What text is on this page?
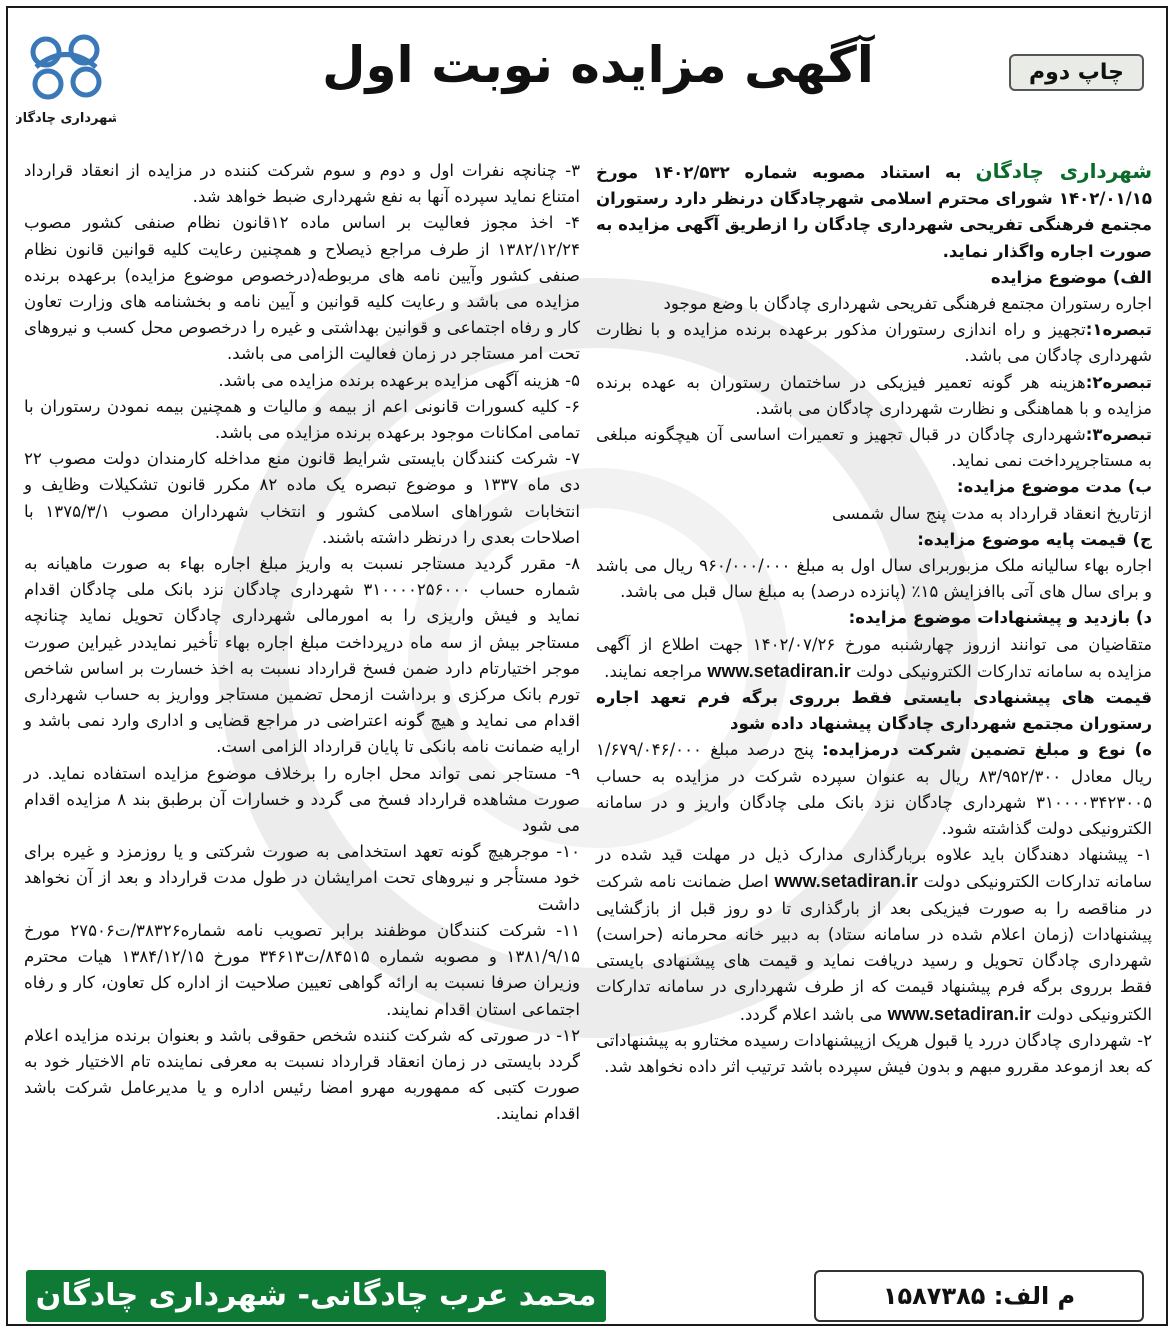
شهرداری چادگان
آگهی مزایده نوبت اول	چاپ دوم

شهرداری چادگان به استناد مصوبه شماره ۱۴۰۲/۵۳۲ مورخ ۱۴۰۲/۰۱/۱۵ شورای محترم اسلامی شهرچادگان درنظر دارد رستوران مجتمع فرهنگی تفریحی شهرداری چادگان را ازطریق آگهی مزایده به صورت اجاره واگذار نماید.

الف) موضوع مزایده

اجاره رستوران مجتمع فرهنگی تفریحی شهرداری چادگان با وضع موجود

تبصره۱:تجهیز و راه اندازی رستوران مذکور برعهده برنده مزایده و با نظارت شهرداری چادگان می باشد.

تبصره۲:هزینه هر گونه تعمیر فیزیکی در ساختمان رستوران به عهده برنده مزایده و با هماهنگی و نظارت شهرداری چادگان می باشد.

تبصره۳:شهرداری چادگان در قبال تجهیز و تعمیرات اساسی آن هیچگونه مبلغی به مستاجرپرداخت نمی نماید.

ب) مدت موضوع مزایده:

ازتاریخ انعقاد قرارداد به مدت پنج سال شمسی

ج) قیمت پایه موضوع مزایده:

اجاره بهاء سالیانه ملک مزبوربرای سال اول به مبلغ ۹۶۰/۰۰۰/۰۰۰ ریال می باشد و برای سال های آتی باافزایش ۱۵٪ (پانزده درصد) به مبلغ سال قبل می باشد.

د) بازدید و پیشنهادات موضوع مزایده:

متقاضیان می توانند ازروز چهارشنبه مورخ ۱۴۰۲/۰۷/۲۶ جهت اطلاع از آگهی مزایده به سامانه تدارکات الکترونیکی دولت www.setadiran.ir مراجعه نمایند.

قیمت های پیشنهادی بایستی فقط برروی برگه فرم تعهد اجاره رستوران مجتمع شهرداری چادگان پیشنهاد داده شود

ه) نوع و مبلغ تضمین شرکت درمزایده: پنج درصد مبلغ ۱/۶۷۹/۰۴۶/۰۰۰ ریال معادل ۸۳/۹۵۲/۳۰۰ ریال به عنوان سپرده شرکت در مزایده به حساب ۳۱۰۰۰۰۳۴۲۳۰۰۵ شهرداری چادگان نزد بانک ملی چادگان واریز و در سامانه الکترونیکی دولت گذاشته شود.

۱- پیشنهاد دهندگان باید علاوه بربارگذاری مدارک ذیل در مهلت قید شده در سامانه تدارکات الکترونیکی دولت www.setadiran.ir اصل ضمانت نامه شرکت در مناقصه را به صورت فیزیکی بعد از بارگذاری تا دو روز قبل از بازگشایی پیشنهادات (زمان اعلام شده در سامانه ستاد) به دبیر خانه محرمانه (حراست) شهرداری چادگان تحویل و رسید دریافت نماید و قیمت های پیشنهادی بایستی فقط برروی برگه فرم پیشنهاد قیمت که از طرف شهرداری در سامانه تدارکات الکترونیکی دولت www.setadiran.ir می باشد اعلام گردد.

۲- شهرداری چادگان دررد یا قبول هریک ازپیشنهادات رسیده مختارو به پیشنهاداتی که بعد ازموعد مقررو مبهم و بدون فیش سپرده باشد ترتیب اثر داده نخواهد شد.

۳- چنانچه نفرات اول و دوم و سوم شرکت کننده در مزایده از انعقاد قرارداد امتناع نماید سپرده آنها به نفع شهرداری ضبط خواهد شد.

۴- اخذ مجوز فعالیت بر اساس ماده ۱۲قانون نظام صنفی کشور مصوب ۱۳۸۲/۱۲/۲۴ از طرف مراجع ذیصلاح و همچنین رعایت کلیه قوانین قانون نظام صنفی کشور وآیین نامه های مربوطه(درخصوص موضوع مزایده) برعهده برنده مزایده می باشد و رعایت کلیه قوانین و آیین نامه و بخشنامه های وزارت تعاون کار و رفاه اجتماعی و قوانین بهداشتی و غیره را درخصوص محل کسب و نیروهای تحت امر مستاجر در زمان فعالیت الزامی می باشد.

۵- هزینه آگهی مزایده برعهده برنده مزایده می باشد.

۶- کلیه کسورات قانونی اعم از بیمه و مالیات و همچنین بیمه نمودن رستوران با تمامی امکانات موجود برعهده برنده مزایده می باشد.

۷- شرکت کنندگان بایستی شرایط قانون منع مداخله کارمندان دولت مصوب ۲۲ دی ماه ۱۳۳۷ و موضوع تبصره یک ماده ۸۲ مکرر قانون تشکیلات وظایف و انتخابات شوراهای اسلامی کشور و انتخاب شهرداران مصوب ۱۳۷۵/۳/۱ با اصلاحات بعدی را درنظر داشته باشند.

۸- مقرر گردید مستاجر نسبت به واریز مبلغ اجاره بهاء به صورت ماهیانه به شماره حساب ۳۱۰۰۰۰۲۵۶۰۰۰ شهرداری چادگان نزد بانک ملی چادگان اقدام نماید و فیش واریزی را به امورمالی شهرداری چادگان تحویل نماید چنانچه مستاجر بیش از سه ماه درپرداخت مبلغ اجاره بهاء تأخیر نمایددر غیراین صورت موجر اختیارتام دارد ضمن فسخ قرارداد نسبت به اخذ خسارت بر اساس شاخص تورم بانک مرکزی و برداشت ازمحل تضمین مستاجر وواریز به حساب شهرداری اقدام می نماید و هیچ گونه اعتراضی در مراجع قضایی و اداری وارد نمی باشد و ارایه ضمانت نامه بانکی تا پایان قرارداد الزامی است.

۹- مستاجر نمی تواند محل اجاره را برخلاف موضوع مزایده استفاده نماید. در صورت مشاهده قرارداد فسخ می گردد و خسارات آن برطبق بند ۸ مزایده اقدام می شود

۱۰- موجرهیچ گونه تعهد استخدامی به صورت شرکتی و یا روزمزد و غیره برای خود مستأجر و نیروهای تحت امرایشان در طول مدت قرارداد و بعد از آن نخواهد داشت

۱۱- شرکت کنندگان موظفند برابر تصویب نامه شماره۳۸۳۲۶/ت۲۷۵۰۶ مورخ ۱۳۸۱/۹/۱۵ و مصوبه شماره ۸۴۵۱۵/ت۳۴۶۱۳ مورخ ۱۳۸۴/۱۲/۱۵ هیات محترم وزیران صرفا نسبت به ارائه گواهی تعیین صلاحیت از اداره کل تعاون، کار و رفاه اجتماعی استان اقدام نمایند.

۱۲- در صورتی که شرکت کننده شخص حقوقی باشد و بعنوان برنده مزایده اعلام گردد بایستی در زمان انعقاد قرارداد نسبت به معرفی نماینده تام الاختیار خود به صورت کتبی که ممهوربه مهرو امضا رئیس اداره و یا مدیرعامل شرکت باشد اقدام نمایند.

محمد عرب چادگانی- شهرداری چادگان	م الف: ۱۵۸۷۳۸۵
